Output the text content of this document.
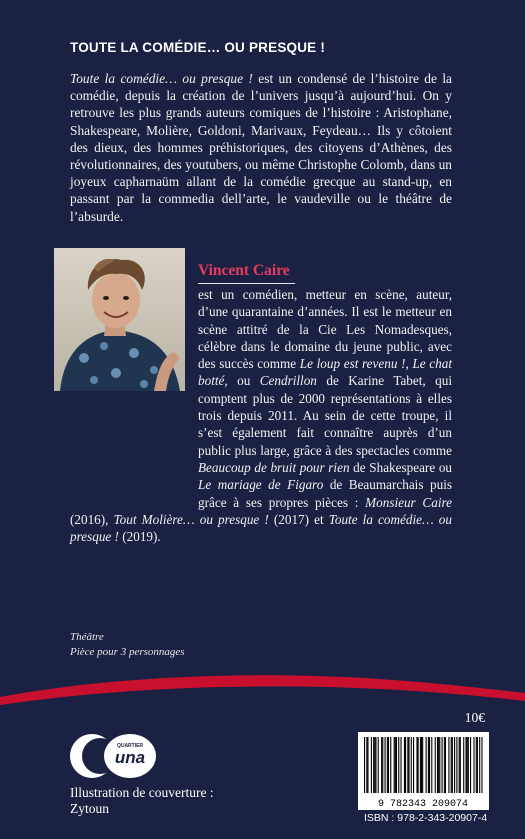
TOUTE LA COMÉDIE… OU PRESQUE !
Toute la comédie… ou presque ! est un condensé de l’histoire de la comédie, depuis la création de l’univers jusqu’à aujourd’hui. On y retrouve les plus grands auteurs comiques de l’histoire : Aristophane, Shakespeare, Molière, Goldoni, Marivaux, Feydeau… Ils y côtoient des dieux, des hommes préhistoriques, des citoyens d’Athènes, des révolutionnaires, des youtubers, ou même Christophe Colomb, dans un joyeux capharnaüm allant de la comédie grecque au stand-up, en passant par la commedia dell’arte, le vaudeville ou le théâtre de l’absurde.
Vincent Caire
est un comédien, metteur en scène, auteur, d’une quarantaine d’années. Il est le metteur en scène attitré de la Cie Les Nomadesques, célèbre dans le domaine du jeune public, avec des succès comme Le loup est revenu !, Le chat botté, ou Cendrillon de Karine Tabet, qui comptent plus de 2000 représentations à elles trois depuis 2011. Au sein de cette troupe, il s’est également fait connaître auprès d’un public plus large, grâce à des spectacles comme Beaucoup de bruit pour rien de Shakespeare ou Le mariage de Figaro de Beaumarchais puis grâce à ses propres pièces : Monsieur Caire (2016), Tout Molière… ou presque ! (2017) et Toute la comédie… ou presque ! (2019).
Théâtre
Pièce pour 3 personnages
10€
QUARTIER
una
Illustration de couverture :
Zytoun	9 782343 209074
ISBN : 978-2-343-20907-4
